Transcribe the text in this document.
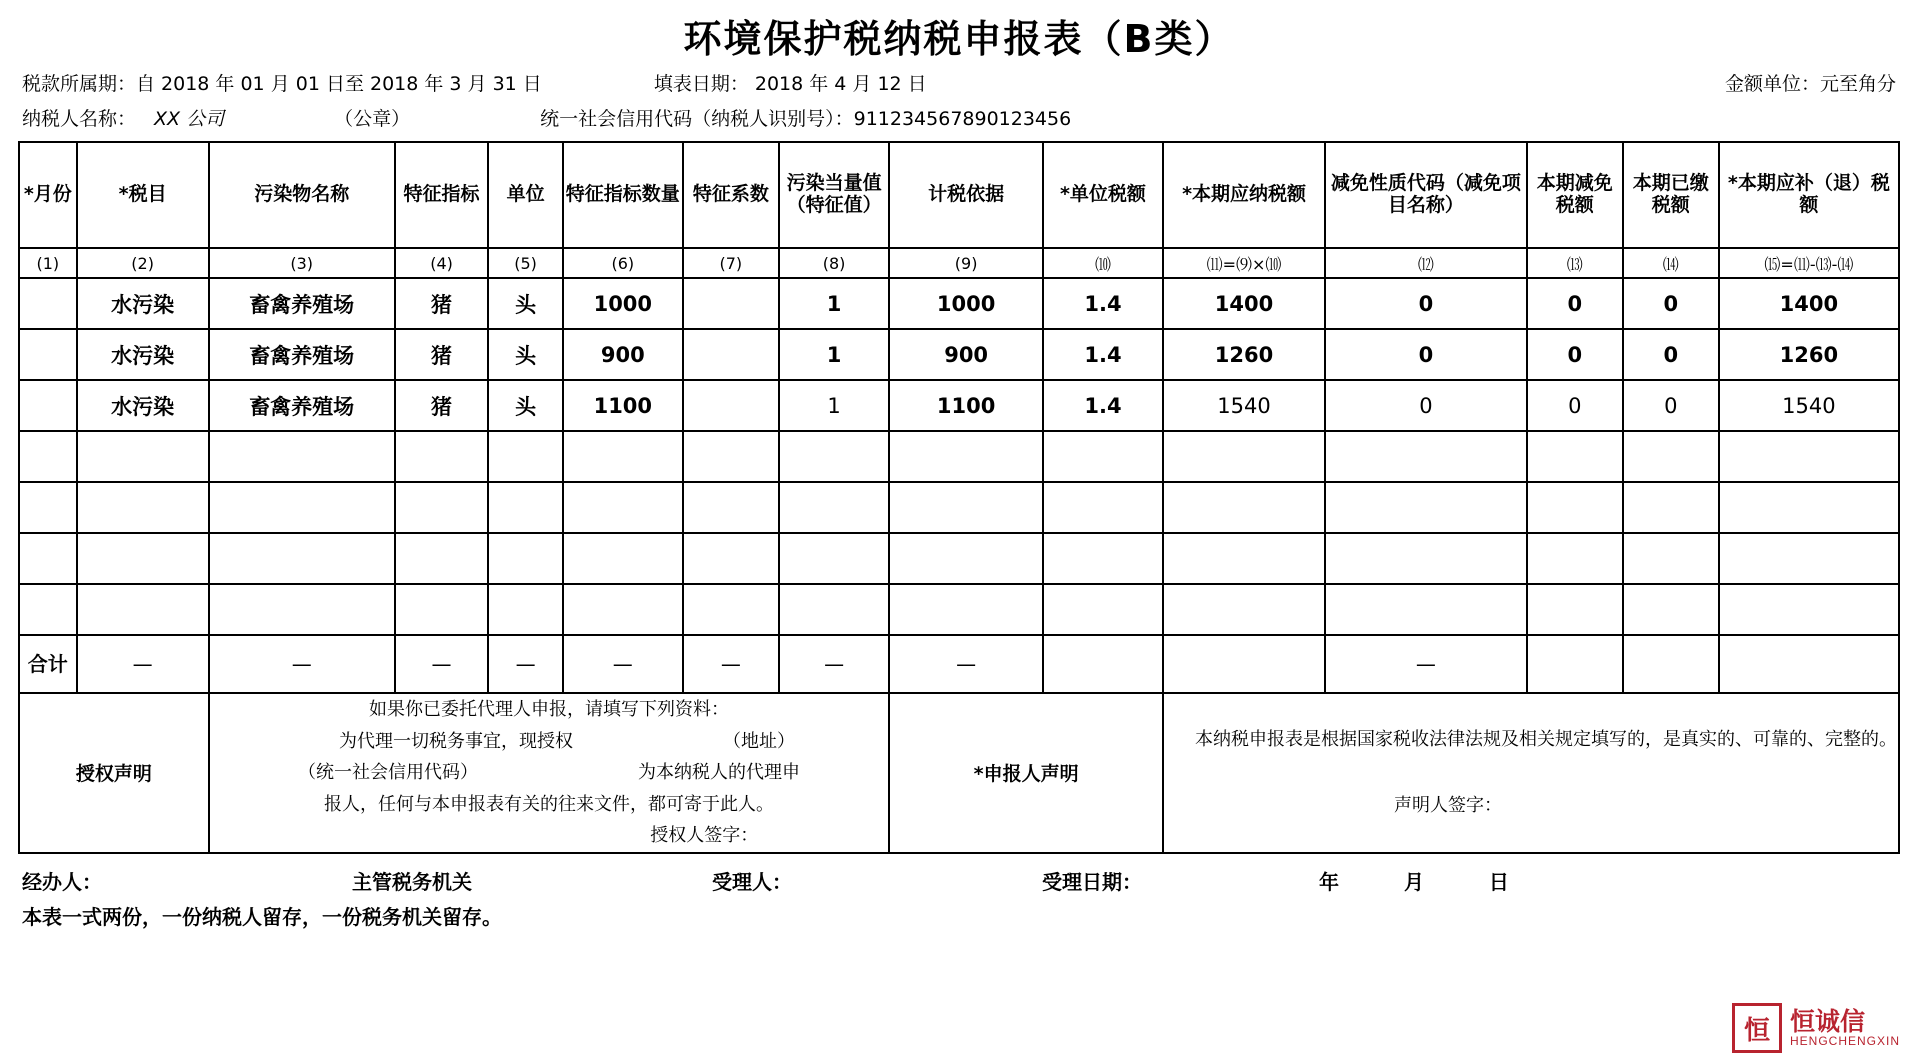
环境保护税纳税申报表（B类）
税款所属期：自 2018 年 01 月 01 日至 2018 年 3 月 31 日	填表日期： 2018 年 4 月 12 日	金额单位：元至角分
纳税人名称： XX 公司	（公章）	统一社会信用代码（纳税人识别号）：911234567890123456
*月份	*税目	污染物名称	特征指标	单位	特征指标数量	特征系数	污染当量值（特征值）	计税依据	*单位税额	*本期应纳税额	减免性质代码（减免项目名称）	本期减免税额	本期已缴税额	*本期应补（退）税额
(1)	(2)	(3)	(4)	(5)	(6)	(7)	(8)	(9)	⑽	⑾=⑼×⑽	⑿	⒀	⒁	⒂=⑾-⒀-⒁
	水污染	畜禽养殖场	猪	头	1000		1	1000	1.4	1400	0	0	0	1400
	水污染	畜禽养殖场	猪	头	900		1	900	1.4	1260	0	0	0	1260
	水污染	畜禽养殖场	猪	头	1100		1	1100	1.4	1540	0	0	0	1540

合计	—	—	—	—	—	—	—	—			—			
授权声明	
如果你已委托代理人申报，请填写下列资料：
为代理一切税务事宜，现授权	（地址）
（统一社会信用代码）	为本纳税人的代理申
报人，任何与本申报表有关的往来文件，都可寄于此人。
授权人签字：
	*申报人声明	
本纳税申报表是根据国家税收法律法规及相关规定填写的，是真实的、可靠的、完整的。
声明人签字：
经办人：	主管税务机关	受理人：	受理日期：	年	月	日
本表一式两份，一份纳税人留存，一份税务机关留存。
恒 恒诚信
HENGCHENGXIN
